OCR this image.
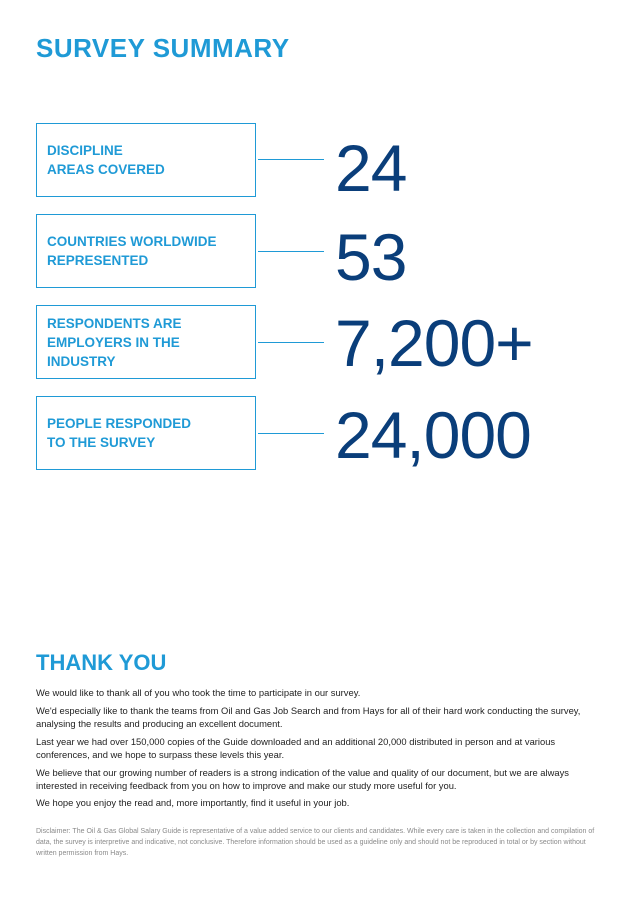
SURVEY SUMMARY
DISCIPLINE
AREAS COVERED	24
COUNTRIES WORLDWIDE
REPRESENTED	53
RESPONDENTS ARE
EMPLOYERS IN THE
INDUSTRY	7,200+
PEOPLE RESPONDED
TO THE SURVEY	24,000
THANK YOU

We would like to thank all of you who took the time to participate in our survey.

We'd especially like to thank the teams from Oil and Gas Job Search and from Hays for all of their hard work conducting the survey, analysing the results and producing an excellent document.

Last year we had over 150,000 copies of the Guide downloaded and an additional 20,000 distributed in person and at various conferences, and we hope to surpass these levels this year.

We believe that our growing number of readers is a strong indication of the value and quality of our document, but we are always interested in receiving feedback from you on how to improve and make our study more useful for you.

We hope you enjoy the read and, more importantly, find it useful in your job.

Disclaimer: The Oil & Gas Global Salary Guide is representative of a value added service to our clients and candidates. While every care is taken in the collection and compilation of data, the survey is interpretive and indicative, not conclusive. Therefore information should be used as a guideline only and should not be reproduced in total or by section without written permission from Hays.
